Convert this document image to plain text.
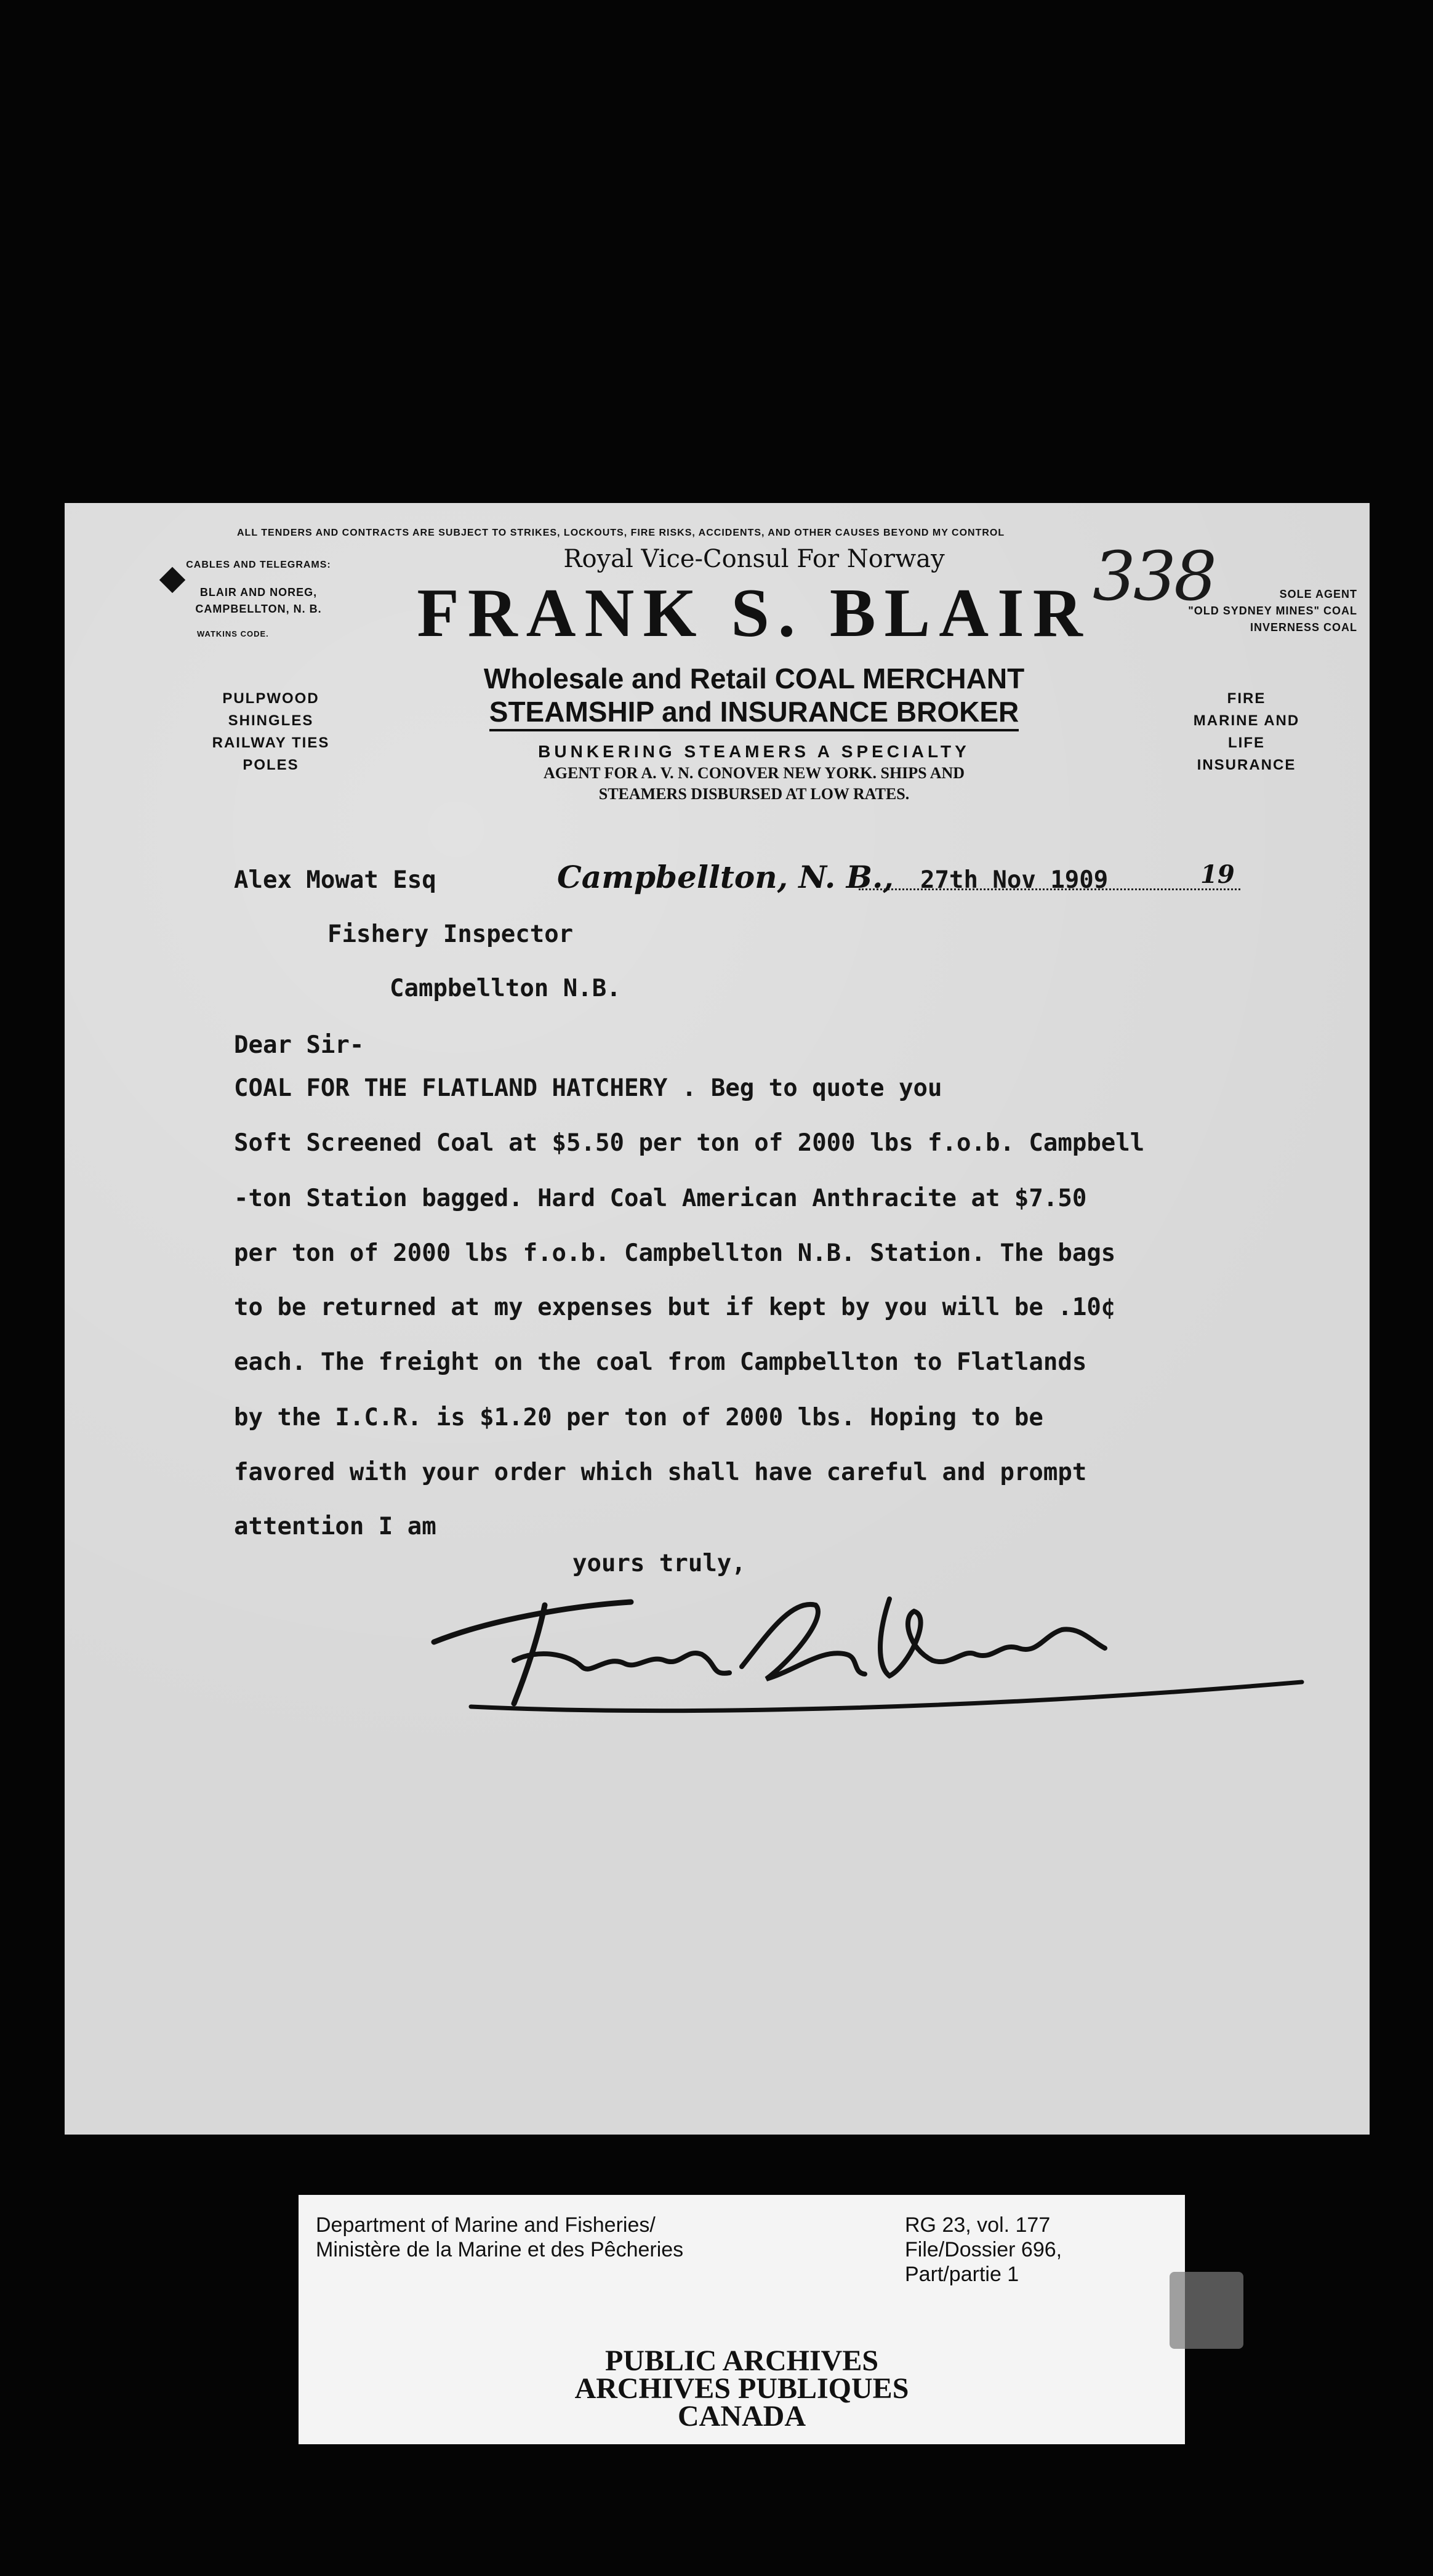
ALL TENDERS AND CONTRACTS ARE SUBJECT TO STRIKES, LOCKOUTS, FIRE RISKS, ACCIDENTS, AND OTHER CAUSES BEYOND MY CONTROL
338
CABLES AND TELEGRAMS:
BLAIR AND NOREG,
CAMPBELLTON, N. B.
WATKINS CODE.
PULPWOOD
SHINGLES
RAILWAY TIES
POLES
Royal Vice-Consul For Norway
FRANK S. BLAIR
Wholesale and Retail COAL MERCHANT
STEAMSHIP and INSURANCE BROKER
BUNKERING STEAMERS A SPECIALTY
AGENT FOR A. V. N. CONOVER NEW YORK. SHIPS AND
STEAMERS DISBURSED AT LOW RATES.
SOLE AGENT
"OLD SYDNEY MINES" COAL
INVERNESS COAL
FIRE
MARINE AND
LIFE
INSURANCE
Alex Mowat Esq	Campbellton, N. B., 27th Nov 1909	19
Fishery Inspector
Campbellton N.B.
Dear Sir-
COAL FOR THE FLATLAND HATCHERY . Beg to quote you
Soft Screened Coal at $5.50 per ton of 2000 lbs f.o.b. Campbell
-ton Station bagged. Hard Coal American Anthracite at $7.50
per ton of 2000 lbs f.o.b. Campbellton N.B. Station. The bags
to be returned at my expenses but if kept by you will be .10¢
each. The freight on the coal from Campbellton to Flatlands
by the I.C.R. is $1.20 per ton of 2000 lbs. Hoping to be
favored with your order which shall have careful and prompt
attention I am
yours truly,
Department of Marine and Fisheries/
Ministère de la Marine et des Pêcheries
RG 23, vol. 177
File/Dossier 696,
Part/partie 1
PUBLIC ARCHIVES
ARCHIVES PUBLIQUES
CANADA
